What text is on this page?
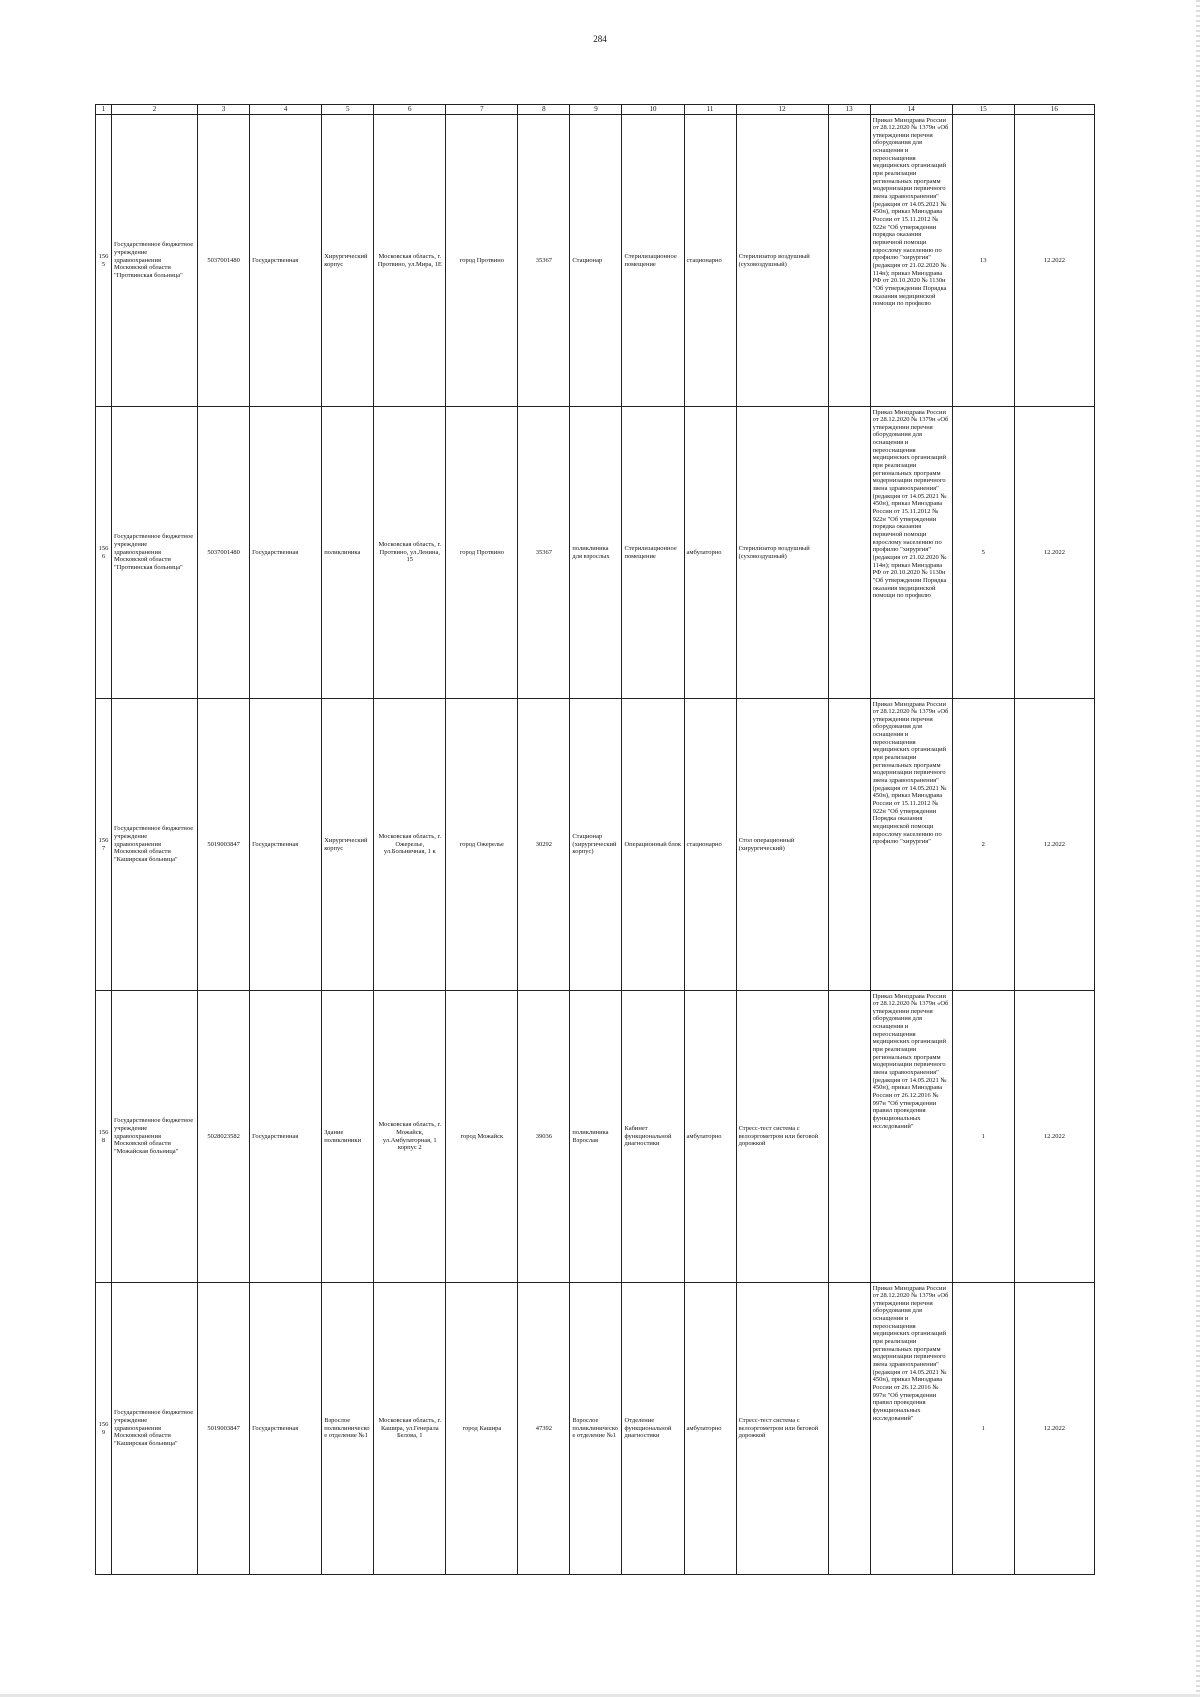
284
1	2	3	4	5	6	7	8	9	10	11	12	13	14	15	16
1565	Государственное бюджетное учреждение здравоохранения Московской области "Протвинская больница"	5037001480	Государственная	Хирургический корпус	Московская область, г. Протвино, ул.Мира, 1Е	город Протвино	35367	Стационар	Стерилизационное помещение	стационарно	Стерилизатор воздушный (суховоздушный)		Приказ Минздрава России от 28.12.2020 № 1379н «Об утверждении перечня оборудования для оснащения и переоснащения медицинских организаций при реализации региональных программ модернизации первичного звена здравоохранения"(редакция от 14.05.2021 № 450н), приказ Минздрава России от 15.11.2012 № 922н "Об утверждении порядка оказания первичной помощи взрослому населению по профилю "хирургия" (редакция от 21.02.2020 № 114н); приказ Минздрава РФ от 20.10.2020 № 1130н "Об утверждении Порядка оказания медицинской помощи по профилю	13	12.2022
1566	Государственное бюджетное учреждение здравоохранения Московской области "Протвинская больница"	5037001480	Государственная	поликлиника	Московская область, г. Протвино, ул.Ленина, 15	город Протвино	35367	поликлиника для взрослых	Стерилизационное помещение	амбулаторно	Стерилизатор воздушный (суховоздушный)		Приказ Минздрава России от 28.12.2020 № 1379н «Об утверждении перечня оборудования для оснащения и переоснащения медицинских организаций при реализации региональных программ модернизации первичного звена здравоохранения"(редакция от 14.05.2021 № 450н), приказ Минздрава России от 15.11.2012 № 922н "Об утверждении порядка оказания первичной помощи взрослому населению по профилю "хирургия" (редакция от 21.02.2020 № 114н); приказ Минздрава РФ от 20.10.2020 № 1130н "Об утверждении Порядка оказания медицинской помощи по профилю	5	12.2022
1567	Государственное бюджетное учреждение здравоохранения Московской области "Каширская больница"	5019003847	Государственная	Хирургический корпус	Московская область, г. Ожерелье, ул.Больничная, 1 к	город Ожерелье	30292	Стационар (хирургический корпус)	Операционный блок	стационарно	Стол операционный (хирургический)		Приказ Минздрава России от 28.12.2020 № 1379н «Об утверждении перечня оборудования для оснащения и переоснащения медицинских организаций при реализации региональных программ модернизации первичного звена здравоохранения"(редакция от 14.05.2021 № 450н), приказ Минздрава России от 15.11.2012 № 922н "Об утверждении Порядка оказания медицинской помощи взрослому населению по профилю "хирургия"	2	12.2022
1568	Государственное бюджетное учреждение здравоохранения Московской области "Можайская больница"	5028023582	Государственная	Здание поликлиники	Московская область, г. Можайск, ул.Амбулаторная, 1 корпус 2	город Можайск	39036	поликлиника Взрослая	Кабинет функциональной диагностики	амбулаторно	Стресс-тест система с велоэргометром или беговой дорожкой		Приказ Минздрава России от 28.12.2020 № 1379н «Об утверждении перечня оборудования для оснащения и переоснащения медицинских организаций при реализации региональных программ модернизации первичного звена здравоохранения"(редакция от 14.05.2021 № 450н), приказ Минздрава России от 26.12.2016 № 997н "Об утверждении правил проведения функциональных исследований"	1	12.2022
1569	Государственное бюджетное учреждение здравоохранения Московской области "Каширская больница"	5019003847	Государственная	Взрослое поликлиническое отделение №1	Московская область, г. Кашира, ул.Генерала Белова, 1	город Кашира	47392	Взрослое поликлиническое отделение №1	Отделение функциональной диагностики	амбулаторно	Стресс-тест система с велоэргометром или беговой дорожкой		Приказ Минздрава России от 28.12.2020 № 1379н «Об утверждении перечня оборудования для оснащения и переоснащения медицинских организаций при реализации региональных программ модернизации первичного звена здравоохранения"(редакция от 14.05.2021 № 450н), приказ Минздрава России от 26.12.2016 № 997н "Об утверждении правил проведения функциональных исследований"	1	12.2022
